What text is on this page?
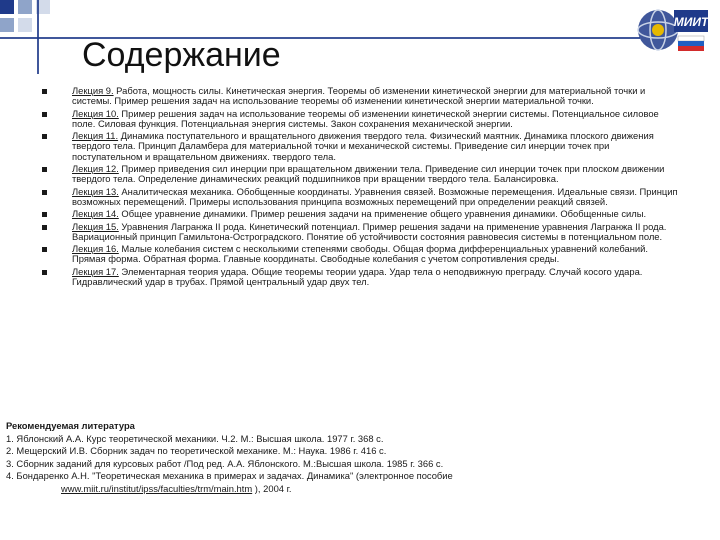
МИИТ
Содержание
Лекция 9. Работа, мощность силы. Кинетическая энергия. Теоремы об изменении кинетической энергии для материальной точки и системы. Пример решения задач на использование теоремы об изменении кинетической энергии материальной точки.
Лекция 10. Пример решения задач на использование теоремы об изменении кинетической энергии системы. Потенциальное силовое поле. Силовая функция. Потенциальная энергия системы. Закон сохранения механической энергии.
Лекция 11. Динамика поступательного и вращательного движения твердого тела. Физический маятник. Динамика плоского движения твердого тела. Принцип Даламбера для материальной точки и механической системы. Приведение сил инерции точек при поступательном и вращательном движениях. твердого тела.
Лекция 12. Пример приведения сил инерции при вращательном движении тела. Приведение сил инерции точек при плоском движении твердого тела. Определение динамических реакций подшипников при вращении твердого тела. Балансировка.
Лекция 13. Аналитическая механика. Обобщенные координаты. Уравнения связей. Возможные перемещения. Идеальные связи. Принцип возможных перемещений. Примеры использования принципа возможных перемещений при определении реакций связей.
Лекция 14. Общее уравнение динамики. Пример решения задачи на применение общего уравнения динамики. Обобщенные силы.
Лекция 15. Уравнения Лагранжа II рода. Кинетический потенциал. Пример решения задачи на применение уравнения Лагранжа II рода. Вариационный принцип Гамильтона-Остроградского. Понятие об устойчивости состояния равновесия системы в потенциальном поле.
Лекция 16. Малые колебания систем с несколькими степенями свободы. Общая форма дифференциальных уравнений колебаний. Прямая форма. Обратная форма. Главные координаты. Свободные колебания с учетом сопротивления среды.
Лекция 17. Элементарная теория удара. Общие теоремы теории удара. Удар тела о неподвижную преграду. Случай косого удара. Гидравлический удар в трубах. Прямой центральный удар двух тел.
Рекомендуемая литература
1. Яблонский А.А. Курс теоретической механики. Ч.2. М.: Высшая школа. 1977 г. 368 с.
2. Мещерский И.В. Сборник задач по теоретической механике. М.: Наука. 1986 г. 416 с.
3. Сборник заданий для курсовых работ /Под ред. А.А. Яблонского. М.:Высшая школа. 1985 г. 366 с.
4. Бондаренко А.Н. "Теоретическая механика в примерах и задачах. Динамика" (электронное пособие
www.miit.ru/institut/ipss/faculties/trm/main.htm ), 2004 г.
